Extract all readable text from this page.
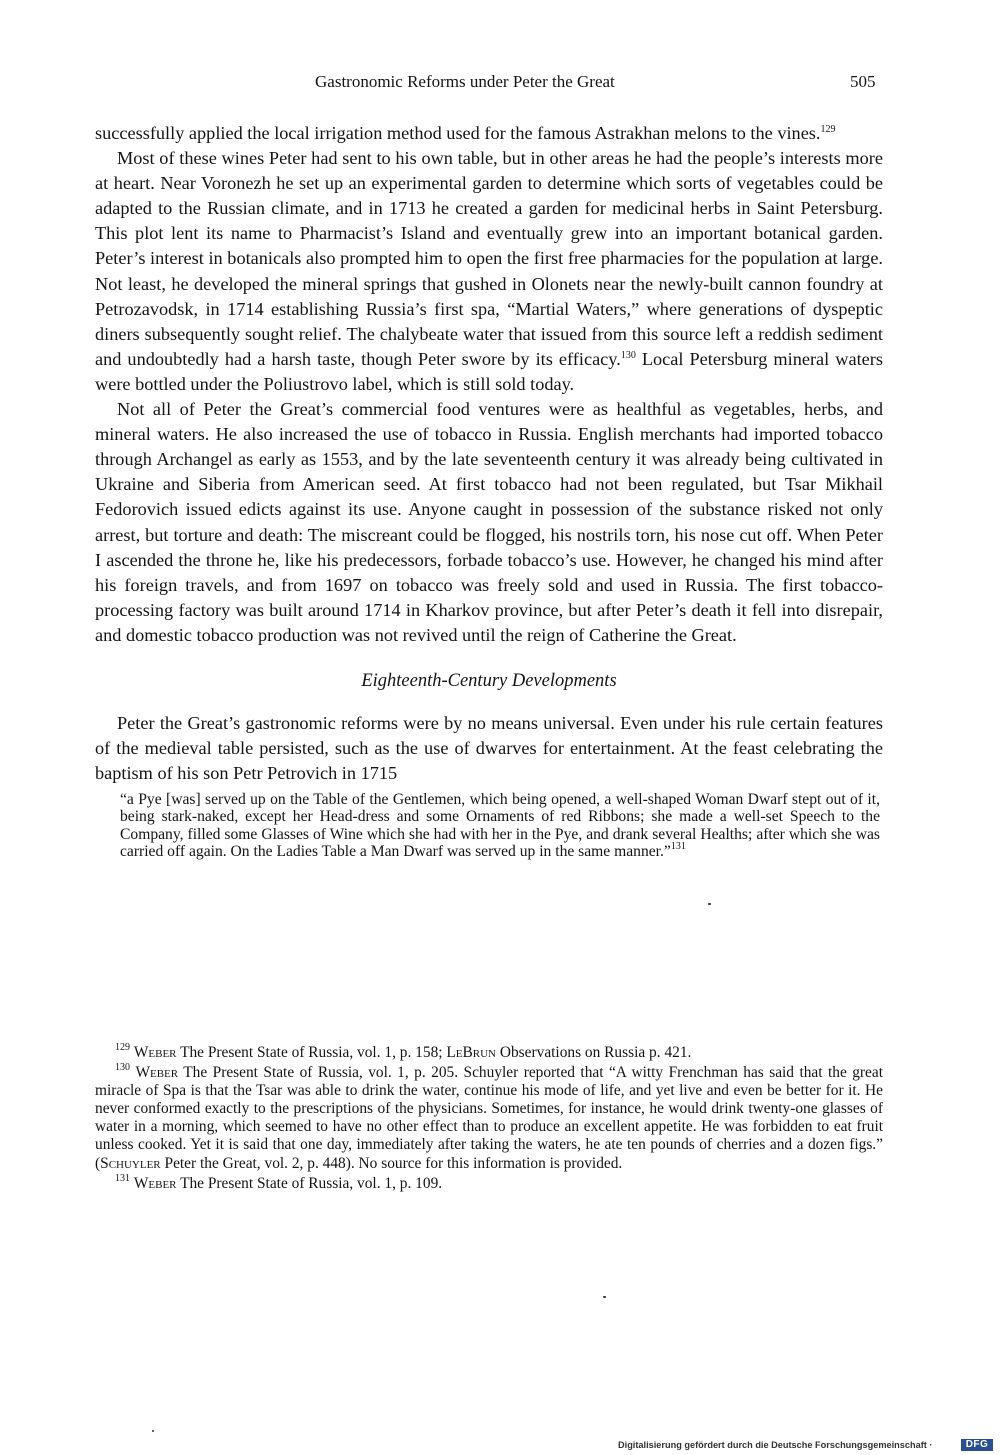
Gastronomic Reforms under Peter the Great	505

successfully applied the local irrigation method used for the famous Astrakhan melons to the vines.$^{129}$

Most of these wines Peter had sent to his own table, but in other areas he had the people’s interests more at heart. Near Voronezh he set up an experimental garden to determine which sorts of vegetables could be adapted to the Russian climate, and in 1713 he created a garden for medicinal herbs in Saint Petersburg. This plot lent its name to Pharmacist’s Island and eventually grew into an important botanical garden. Peter’s interest in botanicals also prompted him to open the first free pharmacies for the population at large. Not least, he developed the mineral springs that gushed in Olonets near the newly-built cannon foundry at Petrozavodsk, in 1714 establishing Russia’s first spa, “Martial Waters,” where generations of dyspeptic diners subsequently sought relief. The chalybeate water that issued from this source left a reddish sediment and undoubtedly had a harsh taste, though Peter swore by its efficacy.$^{130}$ Local Petersburg mineral waters were bottled under the Poliustrovo label, which is still sold today.

Not all of Peter the Great’s commercial food ventures were as healthful as vegetables, herbs, and mineral waters. He also increased the use of tobacco in Russia. English merchants had imported tobacco through Archangel as early as 1553, and by the late seventeenth century it was already being cultivated in Ukraine and Siberia from American seed. At first tobacco had not been regulated, but Tsar Mikhail Fedorovich issued edicts against its use. Anyone caught in possession of the substance risked not only arrest, but torture and death: The miscreant could be flogged, his nostrils torn, his nose cut off. When Peter I ascended the throne he, like his predecessors, forbade tobacco’s use. However, he changed his mind after his foreign travels, and from 1697 on tobacco was freely sold and used in Russia. The first tobacco-processing factory was built around 1714 in Kharkov province, but after Peter’s death it fell into disrepair, and domestic tobacco production was not revived until the reign of Catherine the Great.

Eighteenth-Century Developments

Peter the Great’s gastronomic reforms were by no means universal. Even under his rule certain features of the medieval table persisted, such as the use of dwarves for entertainment. At the feast celebrating the baptism of his son Petr Petrovich in 1715

“a Pye [was] served up on the Table of the Gentlemen, which being opened, a well-shaped Woman Dwarf stept out of it, being stark-naked, except her Head-dress and some Ornaments of red Ribbons; she made a well-set Speech to the Company, filled some Glasses of Wine which she had with her in the Pye, and drank several Healths; after which she was carried off again. On the Ladies Table a Man Dwarf was served up in the same manner.”$^{131}$

$^{129}$ Weber The Present State of Russia, vol. 1, p. 158; LeBrun Observations on Russia p. 421.

$^{130}$ Weber The Present State of Russia, vol. 1, p. 205. Schuyler reported that “A witty Frenchman has said that the great miracle of Spa is that the Tsar was able to drink the water, continue his mode of life, and yet live and even be better for it. He never conformed exactly to the prescriptions of the physicians. Sometimes, for instance, he would drink twenty-one glasses of water in a morning, which seemed to have no other effect than to produce an excellent appetite. He was forbidden to eat fruit unless cooked. Yet it is said that one day, immediately after taking the waters, he ate ten pounds of cherries and a dozen figs.” (Schuyler Peter the Great, vol. 2, p. 448). No source for this information is provided.

$^{131}$ Weber The Present State of Russia, vol. 1, p. 109.

Digitalisierung gefördert durch die Deutsche Forschungsgemeinschaft ·	DFG
